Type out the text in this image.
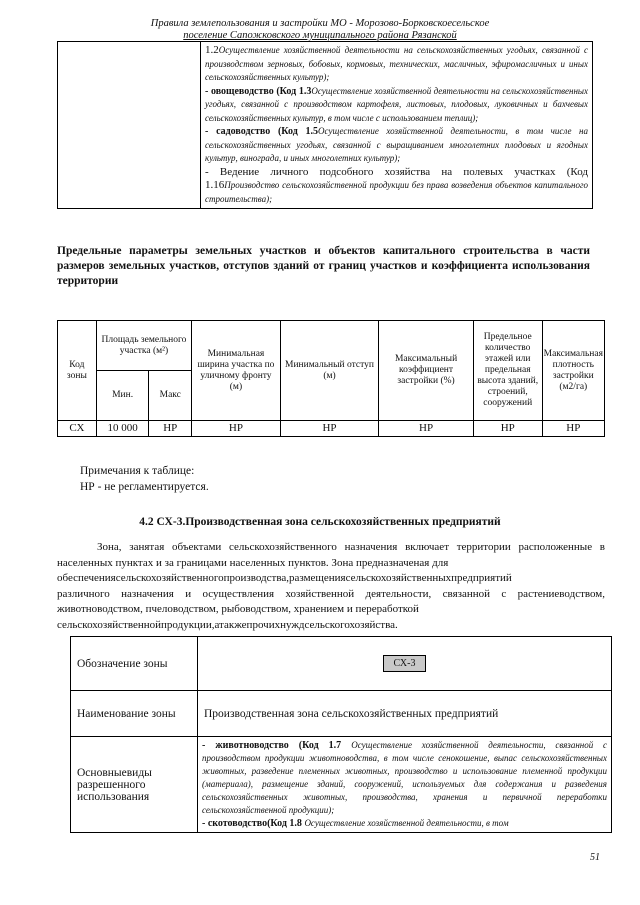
Правила землепользования и застройки МО - Морозово-Борковскоесельское
поселение Сапожковского муниципального района Рязанской

1.2Осуществление хозяйственной деятельности на сельскохозяйственных угодьях, связанной с производством зерновых, бобовых, кормовых, технических, масличных, эфиромасличных и иных сельскохозяйственных культур);
- овощеводство (Код 1.3Осуществление хозяйственной деятельности на сельскохозяйственных угодьях, связанной с производством картофеля, листовых, плодовых, луковичных и бахчевых сельскохозяйственных культур, в том числе с использованием теплиц);
- садоводство (Код 1.5Осуществление хозяйственной деятельности, в том числе на сельскохозяйственных угодьях, связанной с выращиванием многолетних плодовых и ягодных культур, винограда, и иных многолетних культур);
- Ведение личного подсобного хозяйства на полевых участках (Код 1.16Производство сельскохозяйственной продукции без права возведения объектов капитального строительства);
Предельные параметры земельных участков и объектов капитального строительства в части размеров земельных участков, отступов зданий от границ участков и коэффициента использования территории
Код зоны	Площадь земельного участка (м²)		Минимальная ширина участка по уличному фронту (м)	Минимальный отступ (м)	Максимальный коэффициент застройки (%)	Предельное количество этажей или предельная высота зданий, строений, сооружений	Максимальная плотность застройки (м2/га)
	Мин.	Макс					
СХ	10 000	НР	НР	НР	НР	НР	НР
Примечания к таблице:
НР - не регламентируется.
4.2 СХ-3.Производственная зона сельскохозяйственных предприятий

Зона, занятая объектами сельскохозяйственного назначения включает территории расположенные в населенных пунктах и за границами населенных пунктов. Зона предназначеная для

обеспечениясельскохозяйственногопроизводства,размещениясельскохозяйственныхпредприятий

различного назначения и осуществления хозяйственной деятельности, связанной с растениеводством, животноводством, пчеловодством, рыбоводством, хранением и переработкой

сельскохозяйственнойпродукции,атакжепрочихнуждсельскогохозяйства.

Обозначение зоны	СХ-3
Наименование зоны	Производственная зона сельскохозяйственных предприятий
Основныевиды разрешенного использования	- животноводство (Код 1.7 Осуществление хозяйственной деятельности, связанной с производством продукции животноводства, в том числе сенокошение, выпас сельскохозяйственных животных, разведение племенных животных, производство и использование племенной продукции (материала), размещение зданий, сооружений, используемых для содержания и разведения сельскохозяйственных животных, производства, хранения и первичной переработки сельскохозяйственной продукции);
- скотоводство(Код 1.8 Осуществление хозяйственной деятельности, в том
51
